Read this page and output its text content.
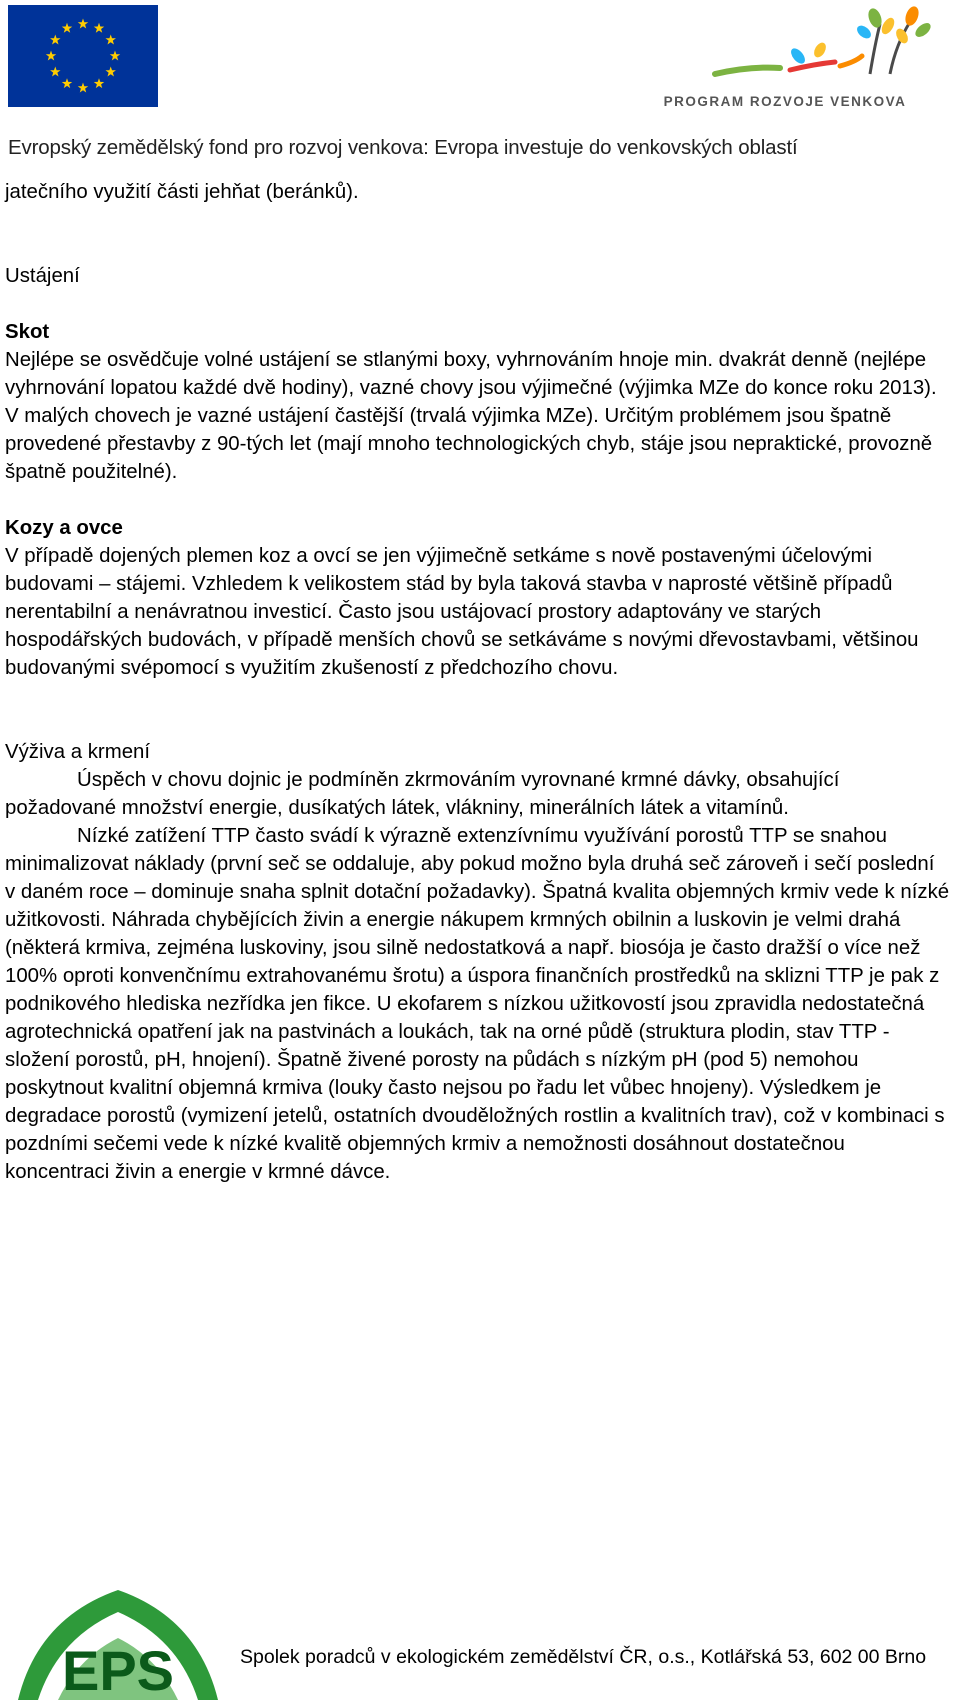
PROGRAM ROZVOJE VENKOVA
Evropský zemědělský fond pro rozvoj venkova: Evropa investuje do venkovských oblastí

jatečního využití části jehňat (beránků).

Ustájení

Skot

Nejlépe se osvědčuje volné ustájení se stlanými boxy, vyhrnováním hnoje min. dvakrát denně (nejlépe vyhrnování lopatou každé dvě hodiny), vazné chovy jsou výjimečné (výjimka MZe do konce roku 2013). V malých chovech je vazné ustájení častější (trvalá výjimka MZe). Určitým problémem jsou špatně provedené přestavby z 90-tých let (mají mnoho technologických chyb, stáje jsou nepraktické, provozně špatně použitelné).

Kozy a ovce

V případě dojených plemen koz a ovcí se jen výjimečně setkáme s nově postavenými účelovými budovami – stájemi. Vzhledem k velikostem stád by byla taková stavba v naprosté většině případů nerentabilní a nenávratnou investicí. Často jsou ustájovací prostory adaptovány ve starých hospodářských budovách, v případě menších chovů se setkáváme s novými dřevostavbami, většinou budovanými svépomocí s využitím zkušeností z předchozího chovu.

Výživa a krmení

Úspěch v chovu dojnic je podmíněn zkrmováním vyrovnané krmné dávky, obsahující požadované množství energie, dusíkatých látek, vlákniny, minerálních látek a vitamínů.

Nízké zatížení TTP často svádí k výrazně extenzívnímu využívání porostů TTP se snahou minimalizovat náklady (první seč se oddaluje, aby pokud možno byla druhá seč zároveň i sečí poslední v daném roce – dominuje snaha splnit dotační požadavky). Špatná kvalita objemných krmiv vede k nízké užitkovosti. Náhrada chybějících živin a energie nákupem krmných obilnin a luskovin je velmi drahá (některá krmiva, zejména luskoviny, jsou silně nedostatková a např. biosója je často dražší o více než 100% oproti konvenčnímu extrahovanému šrotu) a úspora finančních prostředků na sklizni TTP je pak z podnikového hlediska nezřídka jen fikce. U ekofarem s nízkou užitkovostí jsou zpravidla nedostatečná agrotechnická opatření jak na pastvinách a loukách, tak na orné půdě (struktura plodin, stav TTP - složení porostů, pH, hnojení). Špatně živené porosty na půdách s nízkým pH (pod 5) nemohou poskytnout kvalitní objemná krmiva (louky často nejsou po řadu let vůbec hnojeny). Výsledkem je degradace porostů (vymizení jetelů, ostatních dvouděložných rostlin a kvalitních trav), což v kombinaci s pozdními sečemi vede k nízké kvalitě objemných krmiv a nemožnosti dosáhnout dostatečnou koncentraci živin a energie v krmné dávce.

EPS	Spolek poradců v ekologickém zemědělství ČR, o.s., Kotlářská 53, 602 00 Brno
